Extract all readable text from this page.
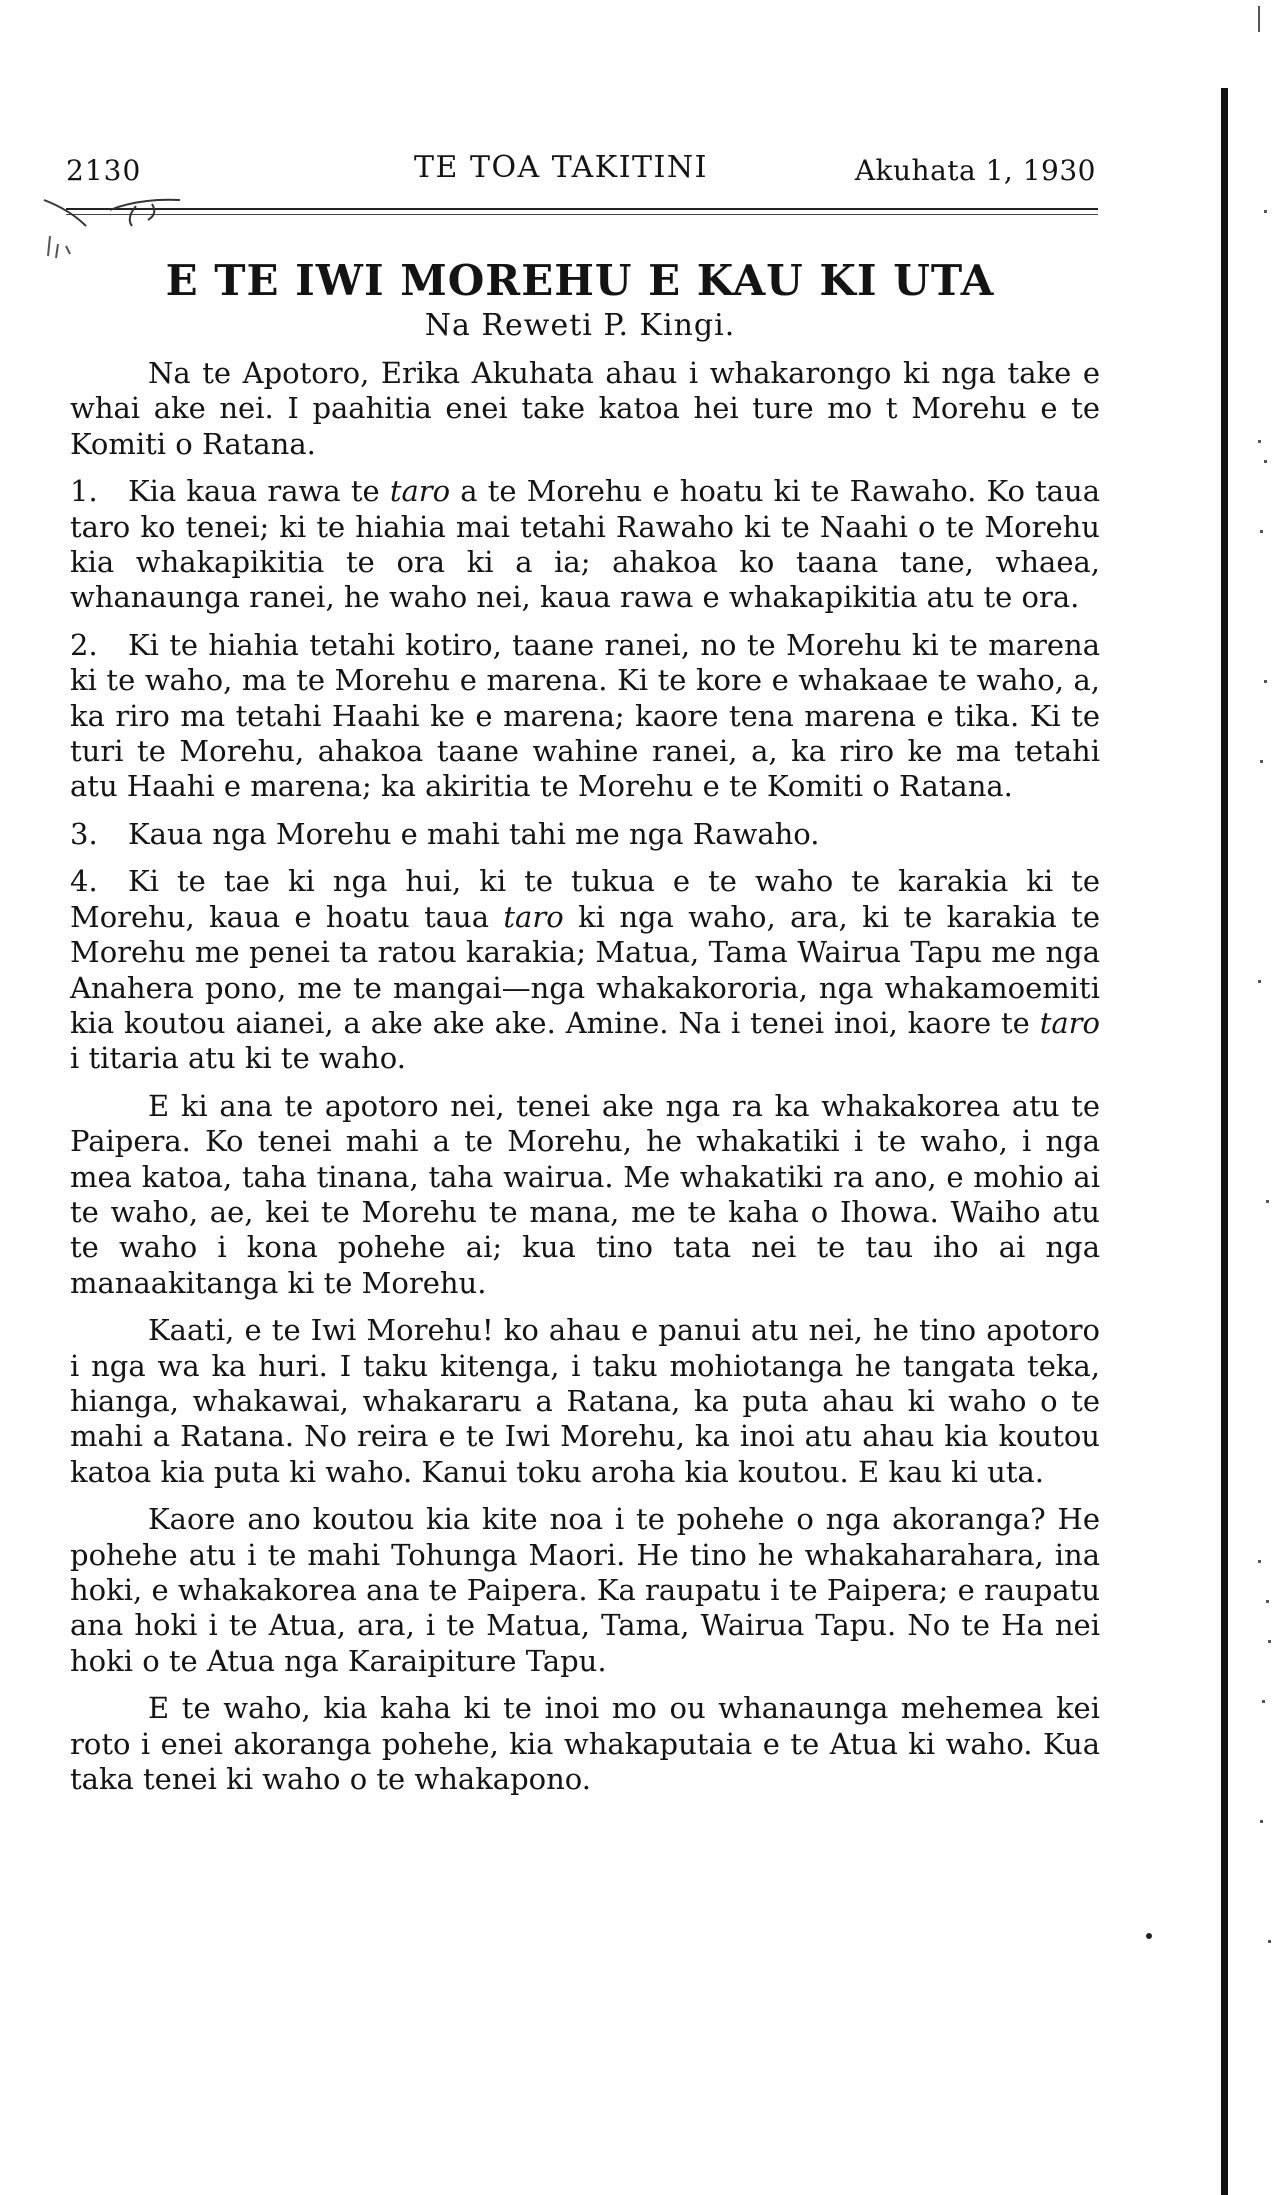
2130	TE TOA TAKITINI	Akuhata 1, 1930
E TE IWI MOREHU E KAU KI UTA
Na Reweti P. Kingi.

Na te Apotoro, Erika Akuhata ahau i whakarongo ki nga take e whai ake nei. I paahitia enei take katoa hei ture mo t Morehu e te Komiti o Ratana.

1. Kia kaua rawa te taro a te Morehu e hoatu ki te Rawaho. Ko taua taro ko tenei; ki te hiahia mai tetahi Rawaho ki te Naahi o te Morehu kia whakapikitia te ora ki a ia; ahakoa ko taana tane, whaea, whanaunga ranei, he waho nei, kaua rawa e whakapikitia atu te ora.

2. Ki te hiahia tetahi kotiro, taane ranei, no te Morehu ki te marena ki te waho, ma te Morehu e marena. Ki te kore e whakaae te waho, a, ka riro ma tetahi Haahi ke e marena; kaore tena marena e tika. Ki te turi te Morehu, ahakoa taane wahine ranei, a, ka riro ke ma tetahi atu Haahi e marena; ka akiritia te Morehu e te Komiti o Ratana.

3. Kaua nga Morehu e mahi tahi me nga Rawaho.

4. Ki te tae ki nga hui, ki te tukua e te waho te karakia ki te Morehu, kaua e hoatu taua taro ki nga waho, ara, ki te karakia te Morehu me penei ta ratou karakia; Matua, Tama Wairua Tapu me nga Anahera pono, me te mangai—nga whakakororia, nga whakamoemiti kia koutou aianei, a ake ake ake. Amine. Na i tenei inoi, kaore te taro i titaria atu ki te waho.

E ki ana te apotoro nei, tenei ake nga ra ka whakakorea atu te Paipera. Ko tenei mahi a te Morehu, he whakatiki i te waho, i nga mea katoa, taha tinana, taha wairua. Me whakatiki ra ano, e mohio ai te waho, ae, kei te Morehu te mana, me te kaha o Ihowa. Waiho atu te waho i kona pohehe ai; kua tino tata nei te tau iho ai nga manaakitanga ki te Morehu.

Kaati, e te Iwi Morehu! ko ahau e panui atu nei, he tino apotoro i nga wa ka huri. I taku kitenga, i taku mohiotanga he tangata teka, hianga, whakawai, whakararu a Ratana, ka puta ahau ki waho o te mahi a Ratana. No reira e te Iwi Morehu, ka inoi atu ahau kia koutou katoa kia puta ki waho. Kanui toku aroha kia koutou. E kau ki uta.

Kaore ano koutou kia kite noa i te pohehe o nga akoranga? He pohehe atu i te mahi Tohunga Maori. He tino he whakaharahara, ina hoki, e whakakorea ana te Paipera. Ka raupatu i te Paipera; e raupatu ana hoki i te Atua, ara, i te Matua, Tama, Wairua Tapu. No te Ha nei hoki o te Atua nga Karaipiture Tapu.

E te waho, kia kaha ki te inoi mo ou whanaunga mehemea kei roto i enei akoranga pohehe, kia whakaputaia e te Atua ki waho. Kua taka tenei ki waho o te whakapono.
